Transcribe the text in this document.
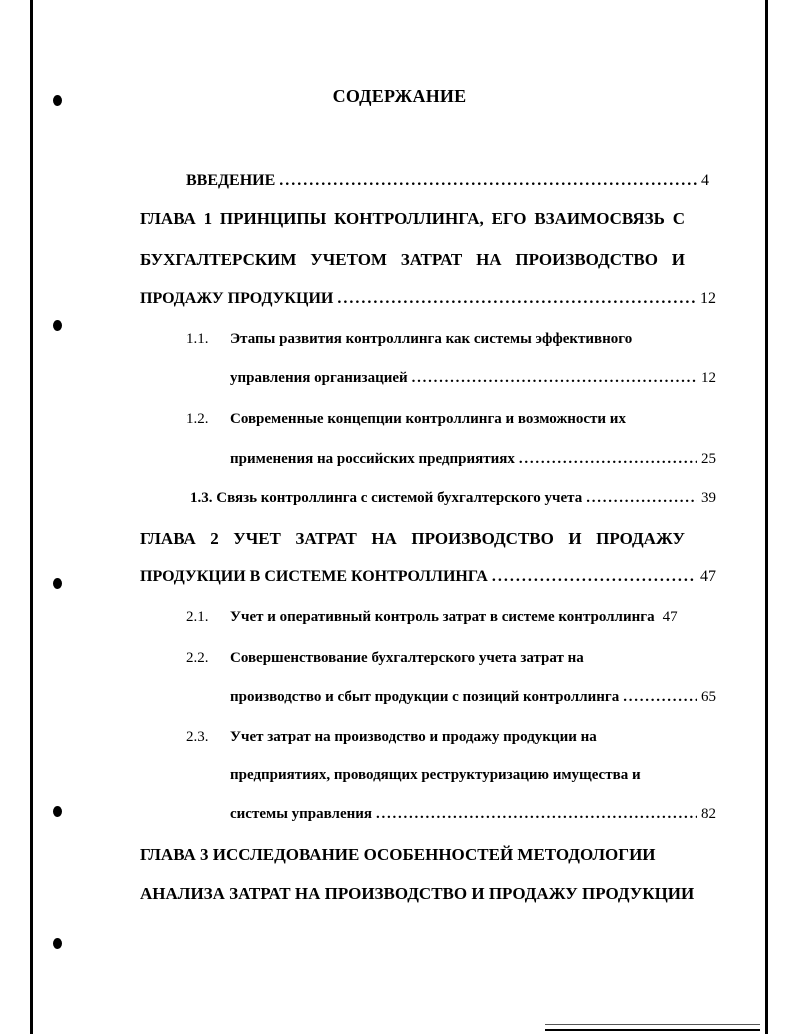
СОДЕРЖАНИЕ
ВВЕДЕНИЕ . . .	4
ГЛАВА 1 ПРИНЦИПЫ КОНТРОЛЛИНГА, ЕГО ВЗАИМОСВЯЗЬ С
БУХГАЛТЕРСКИМ УЧЕТОМ ЗАТРАТ НА ПРОИЗВОДСТВО И
ПРОДАЖУ ПРОДУКЦИИ . . .	12
1.1.	Этапы развития контроллинга как системы эффективного
управления организацией . . .	12
1.2.	Современные концепции контроллинга и возможности их
применения на российских предприятиях . . .	25
1.3. Связь контроллинга с системой бухгалтерского учета . . .	39
ГЛАВА 2 УЧЕТ ЗАТРАТ НА ПРОИЗВОДСТВО И ПРОДАЖУ
ПРОДУКЦИИ В СИСТЕМЕ КОНТРОЛЛИНГА . . .	47
2.1.	Учет и оперативный контроль затрат в системе контроллинга 47
2.2.	Совершенствование бухгалтерского учета затрат на
производство и сбыт продукции с позиций контроллинга . . .	65
2.3.	Учет затрат на производство и продажу продукции на
предприятиях, проводящих реструктуризацию имущества и
системы управления . . .	82
ГЛАВА 3 ИССЛЕДОВАНИЕ ОСОБЕННОСТЕЙ МЕТОДОЛОГИИ
АНАЛИЗА ЗАТРАТ НА ПРОИЗВОДСТВО И ПРОДАЖУ ПРОДУКЦИИ
